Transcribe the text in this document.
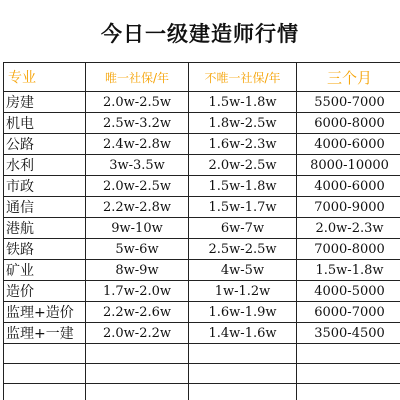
今日一级建造师行情
专业	唯一社保/年	不唯一社保/年	三个月
房建	2.0w-2.5w	1.5w-1.8w	5500-7000
机电	2.5w-3.2w	1.8w-2.5w	6000-8000
公路	2.4w-2.8w	1.6w-2.3w	4000-6000
水利	3w-3.5w	2.0w-2.5w	8000-10000
市政	2.0w-2.5w	1.5w-1.8w	4000-6000
通信	2.2w-2.8w	1.5w-1.7w	7000-9000
港航	9w-10w	6w-7w	2.0w-2.3w
铁路	5w-6w	2.5w-2.5w	7000-8000
矿业	8w-9w	4w-5w	1.5w-1.8w
造价	1.7w-2.0w	1w-1.2w	4000-5000
监理+造价	2.2w-2.6w	1.6w-1.9w	6000-7000
监理+一建	2.0w-2.2w	1.4w-1.6w	3500-4500
